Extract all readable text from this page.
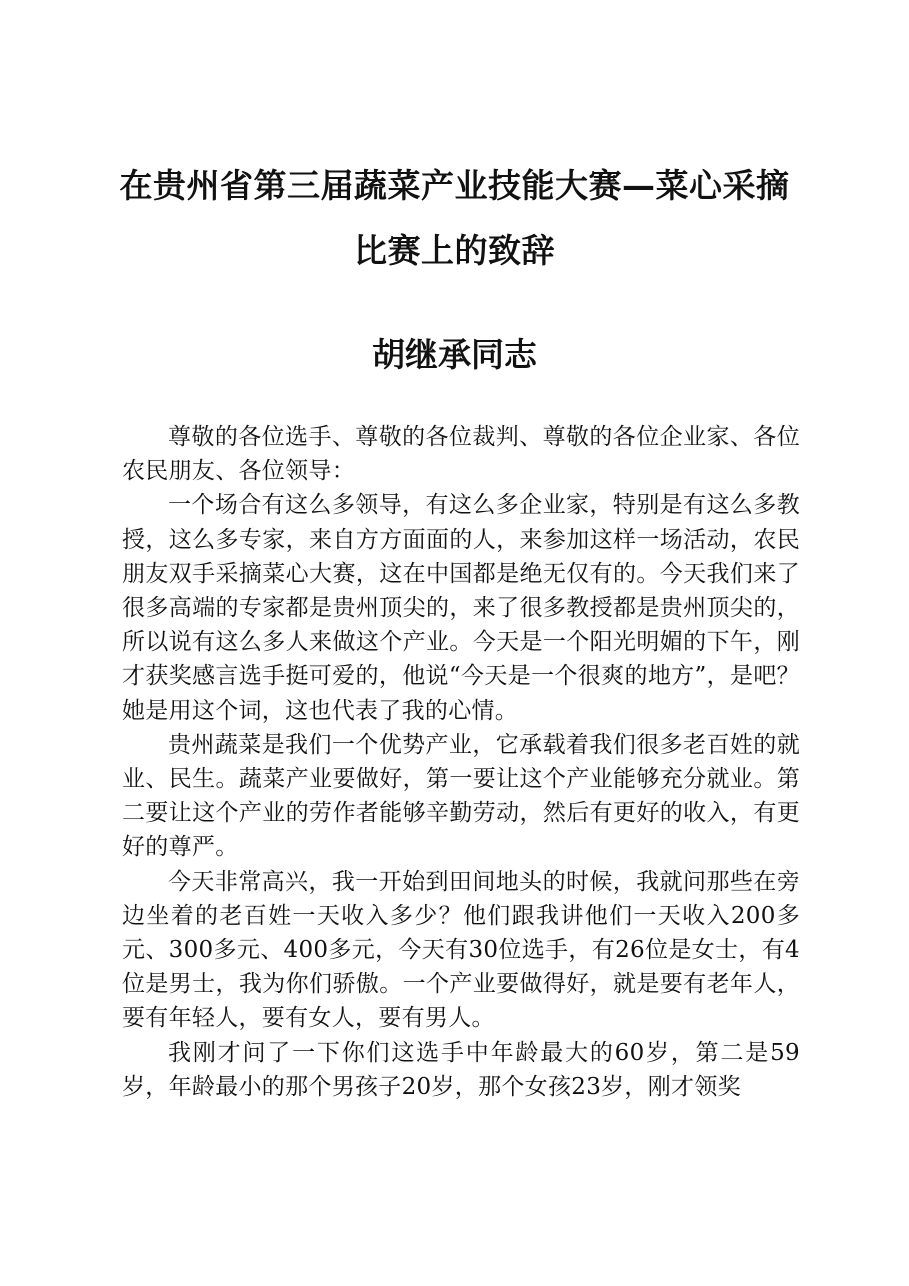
在贵州省第三届蔬菜产业技能大赛—菜心采摘
比赛上的致辞
胡继承同志

尊敬的各位选手、尊敬的各位裁判、尊敬的各位企业家、各位农民朋友、各位领导：

一个场合有这么多领导，有这么多企业家，特别是有这么多教授，这么多专家，来自方方面面的人，来参加这样一场活动，农民朋友双手采摘菜心大赛，这在中国都是绝无仅有的。今天我们来了很多高端的专家都是贵州顶尖的，来了很多教授都是贵州顶尖的，所以说有这么多人来做这个产业。今天是一个阳光明媚的下午，刚才获奖感言选手挺可爱的，他说“今天是一个很爽的地方”，是吧？她是用这个词，这也代表了我的心情。

贵州蔬菜是我们一个优势产业，它承载着我们很多老百姓的就业、民生。蔬菜产业要做好，第一要让这个产业能够充分就业。第二要让这个产业的劳作者能够辛勤劳动，然后有更好的收入，有更好的尊严。

今天非常高兴，我一开始到田间地头的时候，我就问那些在旁边坐着的老百姓一天收入多少？他们跟我讲他们一天收入200多元、300多元、400多元，今天有30位选手，有26位是女士，有4位是男士，我为你们骄傲。一个产业要做得好，就是要有老年人，要有年轻人，要有女人，要有男人。

我刚才问了一下你们这选手中年龄最大的60岁，第二是59岁，年龄最小的那个男孩子20岁，那个女孩23岁，刚才领奖
